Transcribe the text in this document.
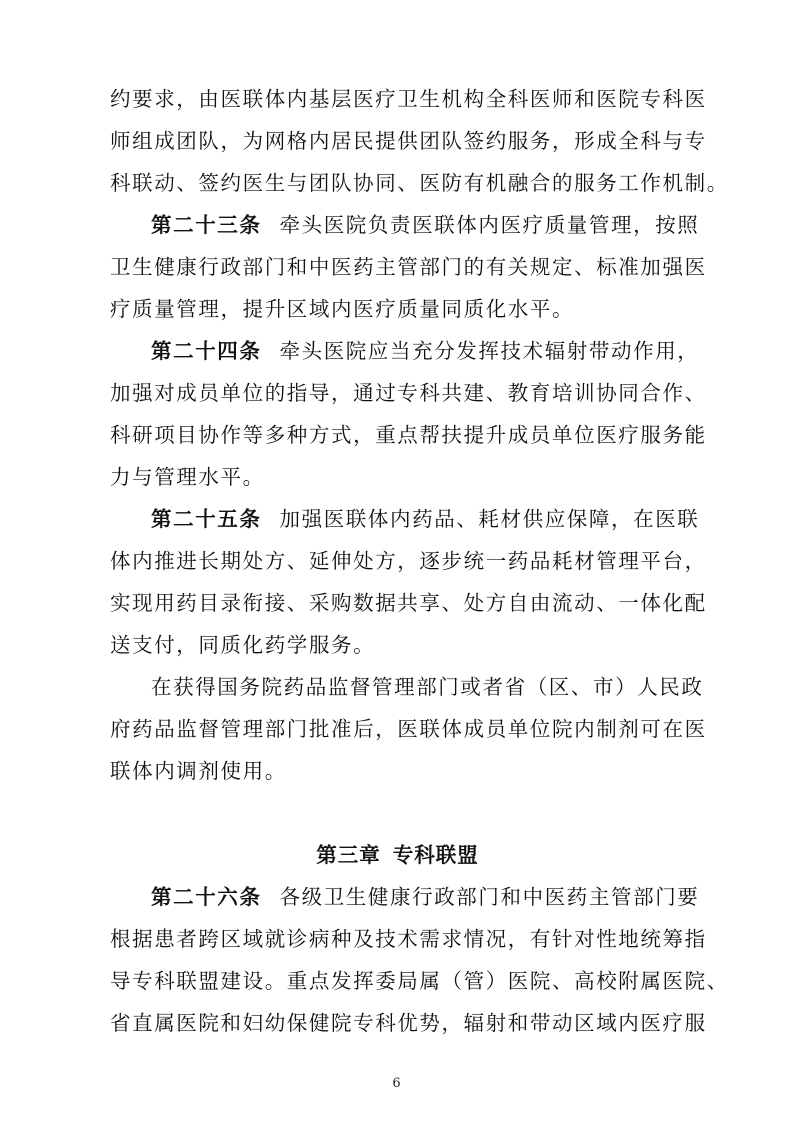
约要求，由医联体内基层医疗卫生机构全科医师和医院专科医
师组成团队，为网格内居民提供团队签约服务，形成全科与专
科联动、签约医生与团队协同、医防有机融合的服务工作机制。
第二十三条 牵头医院负责医联体内医疗质量管理，按照
卫生健康行政部门和中医药主管部门的有关规定、标准加强医
疗质量管理，提升区域内医疗质量同质化水平。
第二十四条 牵头医院应当充分发挥技术辐射带动作用，
加强对成员单位的指导，通过专科共建、教育培训协同合作、
科研项目协作等多种方式，重点帮扶提升成员单位医疗服务能
力与管理水平。
第二十五条 加强医联体内药品、耗材供应保障，在医联
体内推进长期处方、延伸处方，逐步统一药品耗材管理平台，
实现用药目录衔接、采购数据共享、处方自由流动、一体化配
送支付，同质化药学服务。
在获得国务院药品监督管理部门或者省（区、市）人民政
府药品监督管理部门批准后，医联体成员单位院内制剂可在医
联体内调剂使用。
第三章 专科联盟
第二十六条 各级卫生健康行政部门和中医药主管部门要
根据患者跨区域就诊病种及技术需求情况，有针对性地统筹指
导专科联盟建设。重点发挥委局属（管）医院、高校附属医院、
省直属医院和妇幼保健院专科优势，辐射和带动区域内医疗服
6
